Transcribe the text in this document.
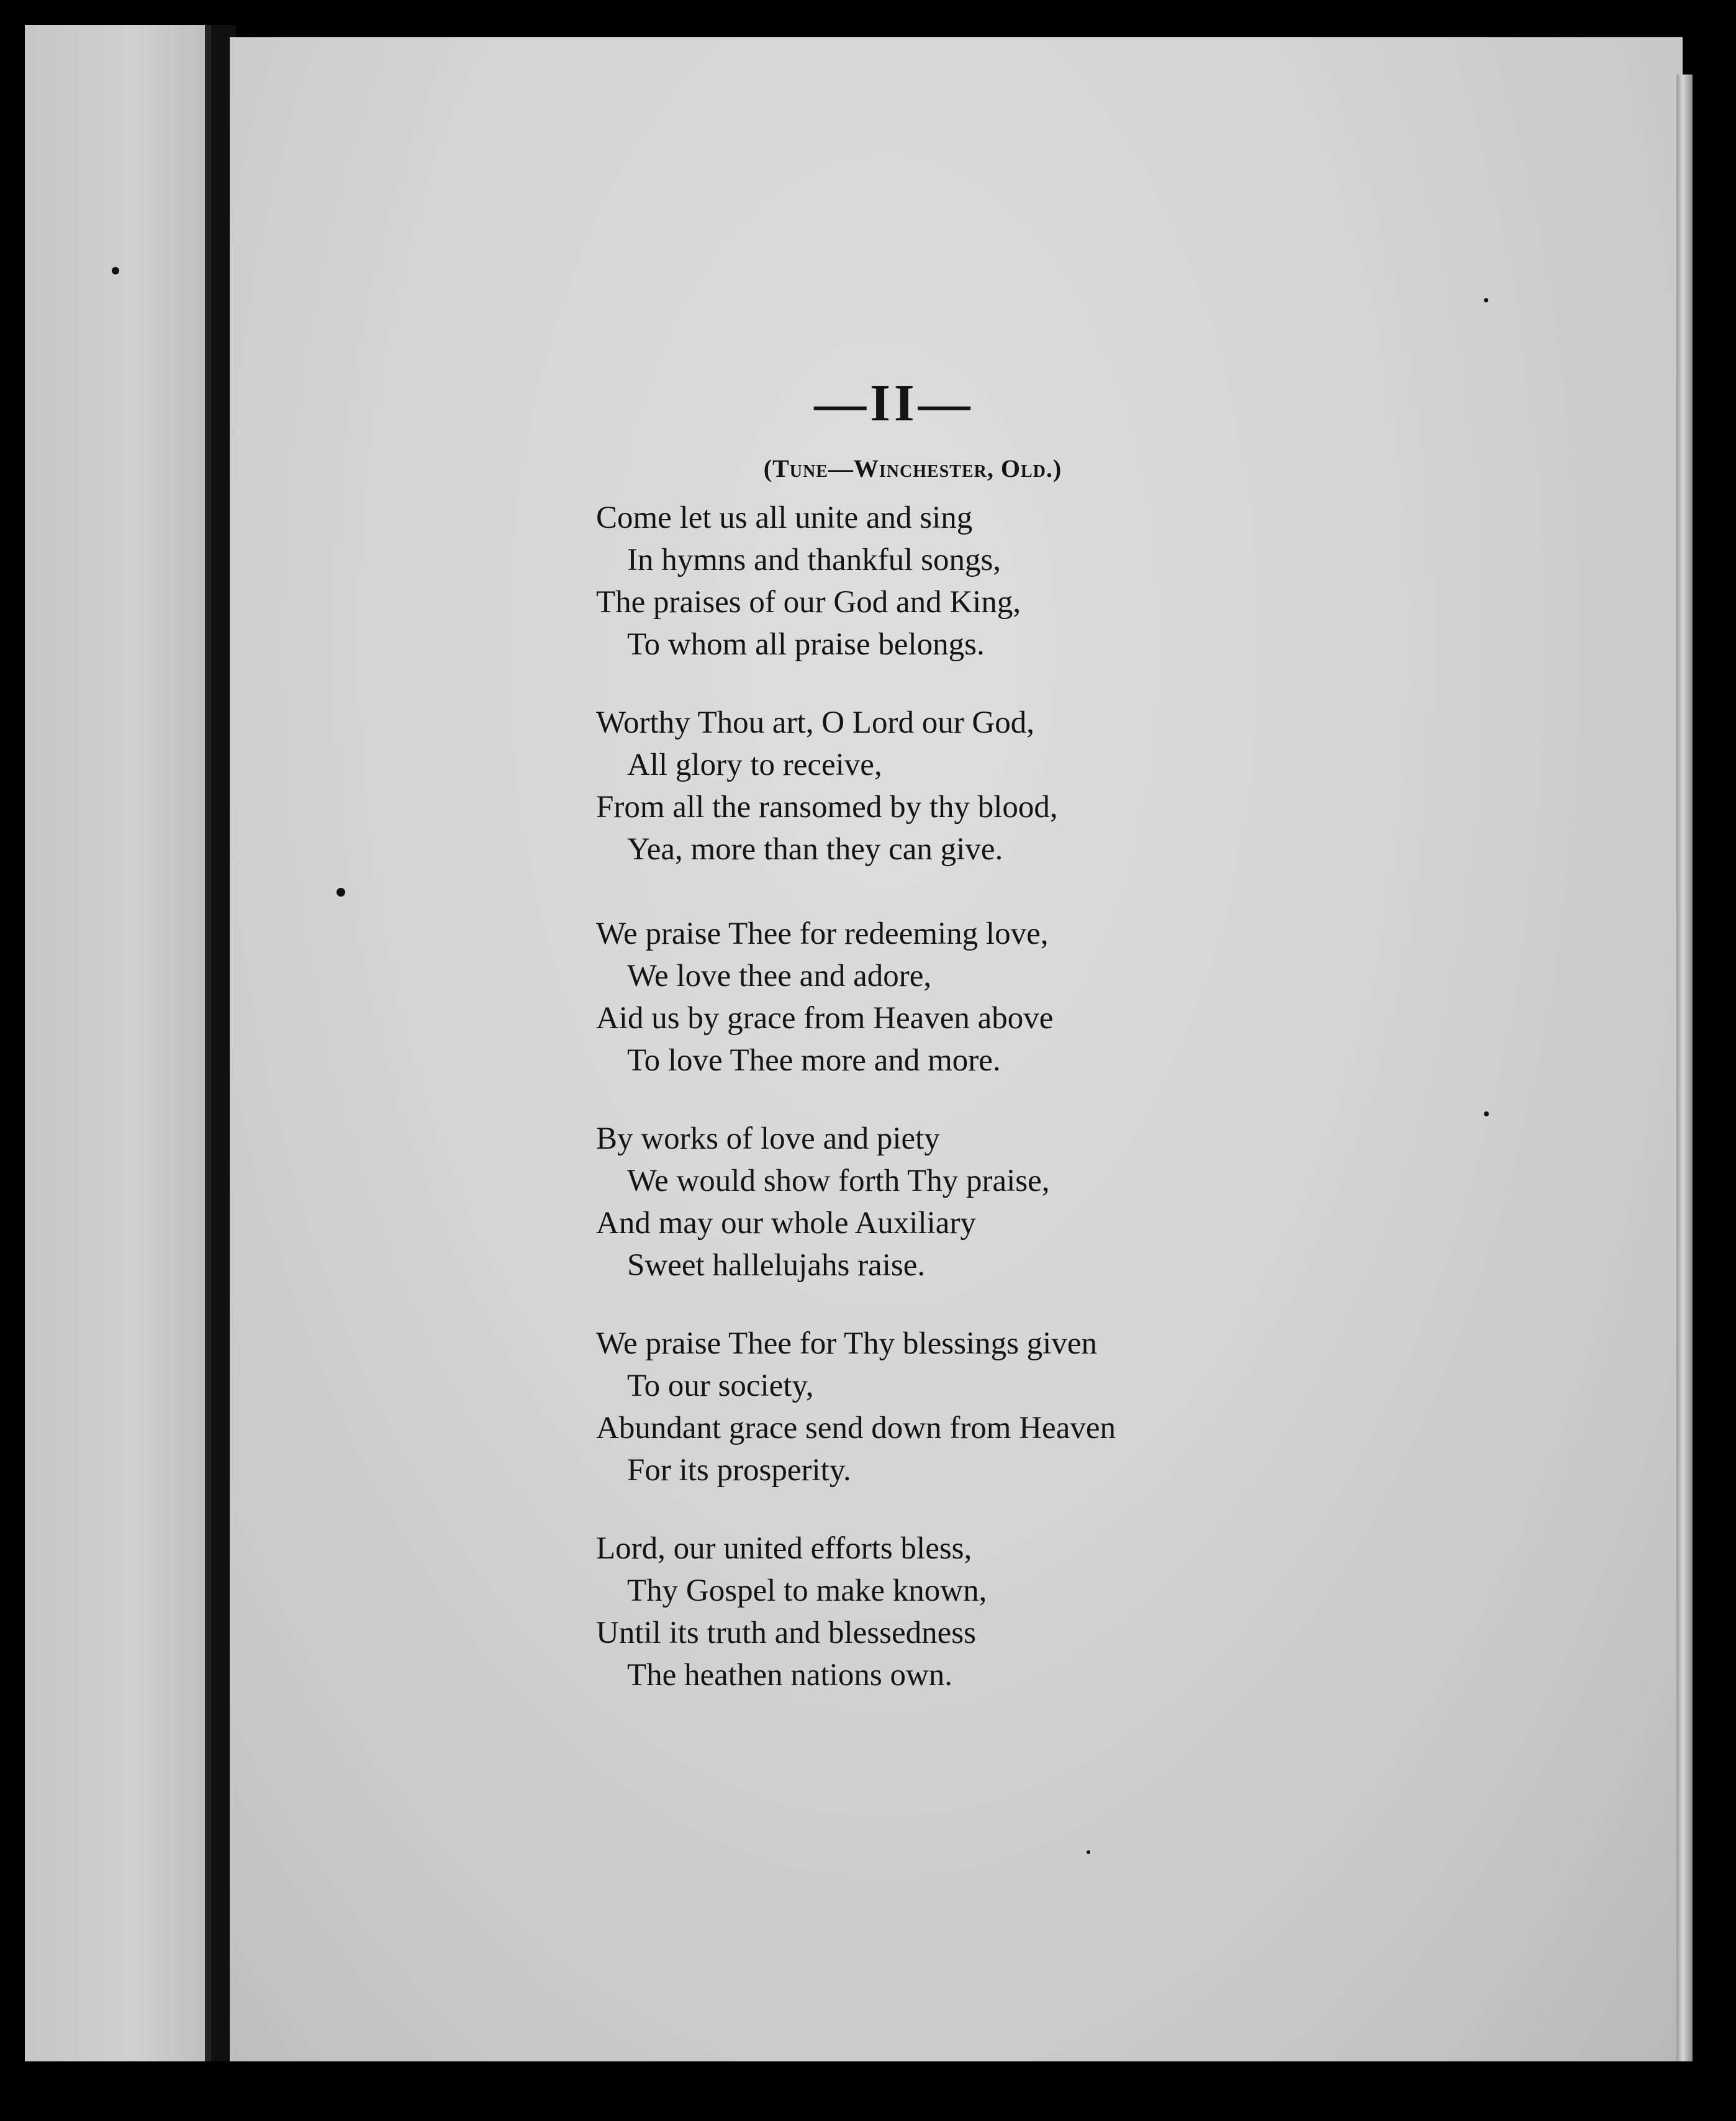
—II—
(Tune—Winchester, Old.)
Come let us all unite and sing
In hymns and thankful songs,
The praises of our God and King,
To whom all praise belongs.
Worthy Thou art, O Lord our God,
All glory to receive,
From all the ransomed by thy blood,
Yea, more than they can give.
We praise Thee for redeeming love,
We love thee and adore,
Aid us by grace from Heaven above
To love Thee more and more.
By works of love and piety
We would show forth Thy praise,
And may our whole Auxiliary
Sweet hallelujahs raise.
We praise Thee for Thy blessings given
To our society,
Abundant grace send down from Heaven
For its prosperity.
Lord, our united efforts bless,
Thy Gospel to make known,
Until its truth and blessedness
The heathen nations own.
